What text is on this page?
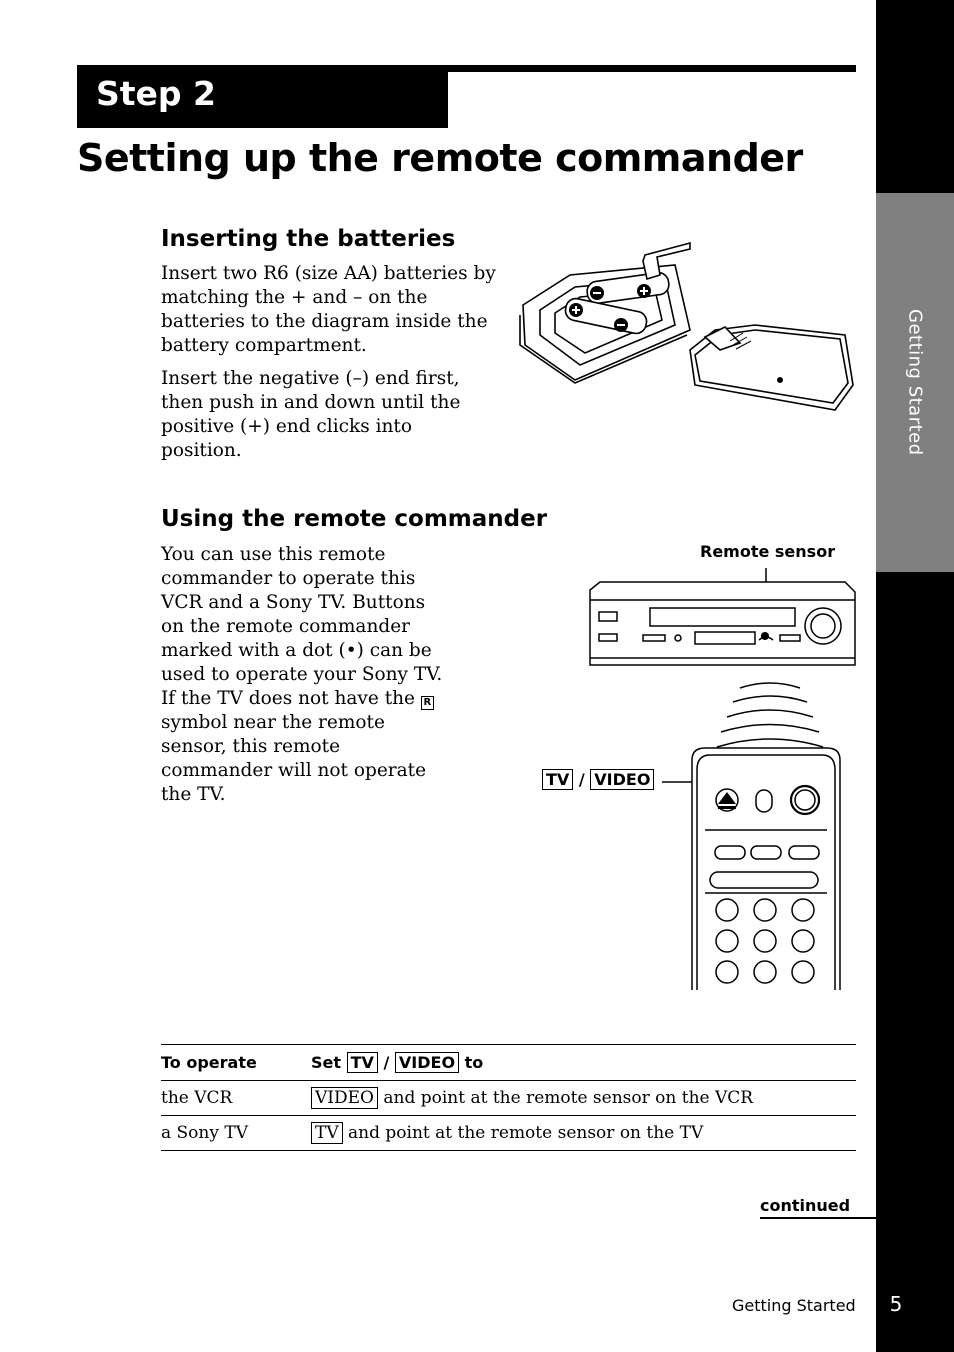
Getting Started
Step 2
Setting up the remote commander
Inserting the batteries
Insert two R6 (size AA) batteries by matching the + and – on the batteries to the diagram inside the battery compartment.
Insert the negative (–) end first, then push in and down until the positive (+) end clicks into position.
Using the remote commander
You can use this remote commander to operate this VCR and a Sony TV. Buttons on the remote commander marked with a dot (•) can be used to operate your Sony TV. If the TV does not have the R symbol near the remote sensor, this remote commander will not operate the TV.
Remote sensor
TV / VIDEO
To operate	Set TV / VIDEO to
the VCR	VIDEO and point at the remote sensor on the VCR
a Sony TV	TV and point at the remote sensor on the TV
continued
Getting Started	5
